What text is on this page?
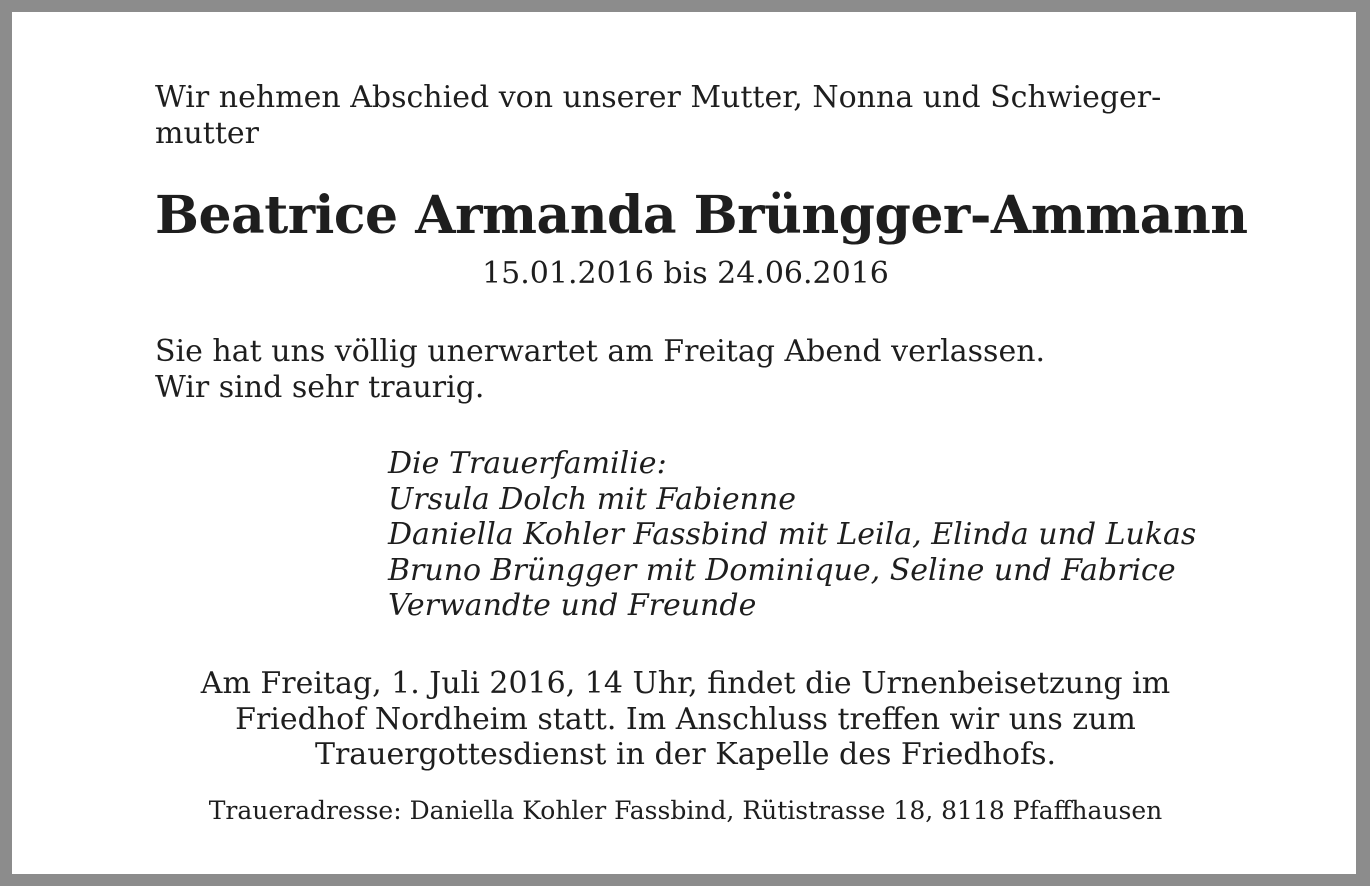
Wir nehmen Abschied von unserer Mutter, Nonna und Schwieger-
mutter
Beatrice Armanda Brüngger-Ammann
15.01.2016 bis 24.06.2016
Sie hat uns völlig unerwartet am Freitag Abend verlassen.
Wir sind sehr traurig.
Die Trauerfamilie:
Ursula Dolch mit Fabienne
Daniella Kohler Fassbind mit Leila, Elinda und Lukas
Bruno Brüngger mit Dominique, Seline und Fabrice
Verwandte und Freunde
Am Freitag, 1. Juli 2016, 14 Uhr, findet die Urnenbeisetzung im
Friedhof Nordheim statt. Im Anschluss treffen wir uns zum
Trauergottesdienst in der Kapelle des Friedhofs.
Traueradresse: Daniella Kohler Fassbind, Rütistrasse 18, 8118 Pfaffhausen
